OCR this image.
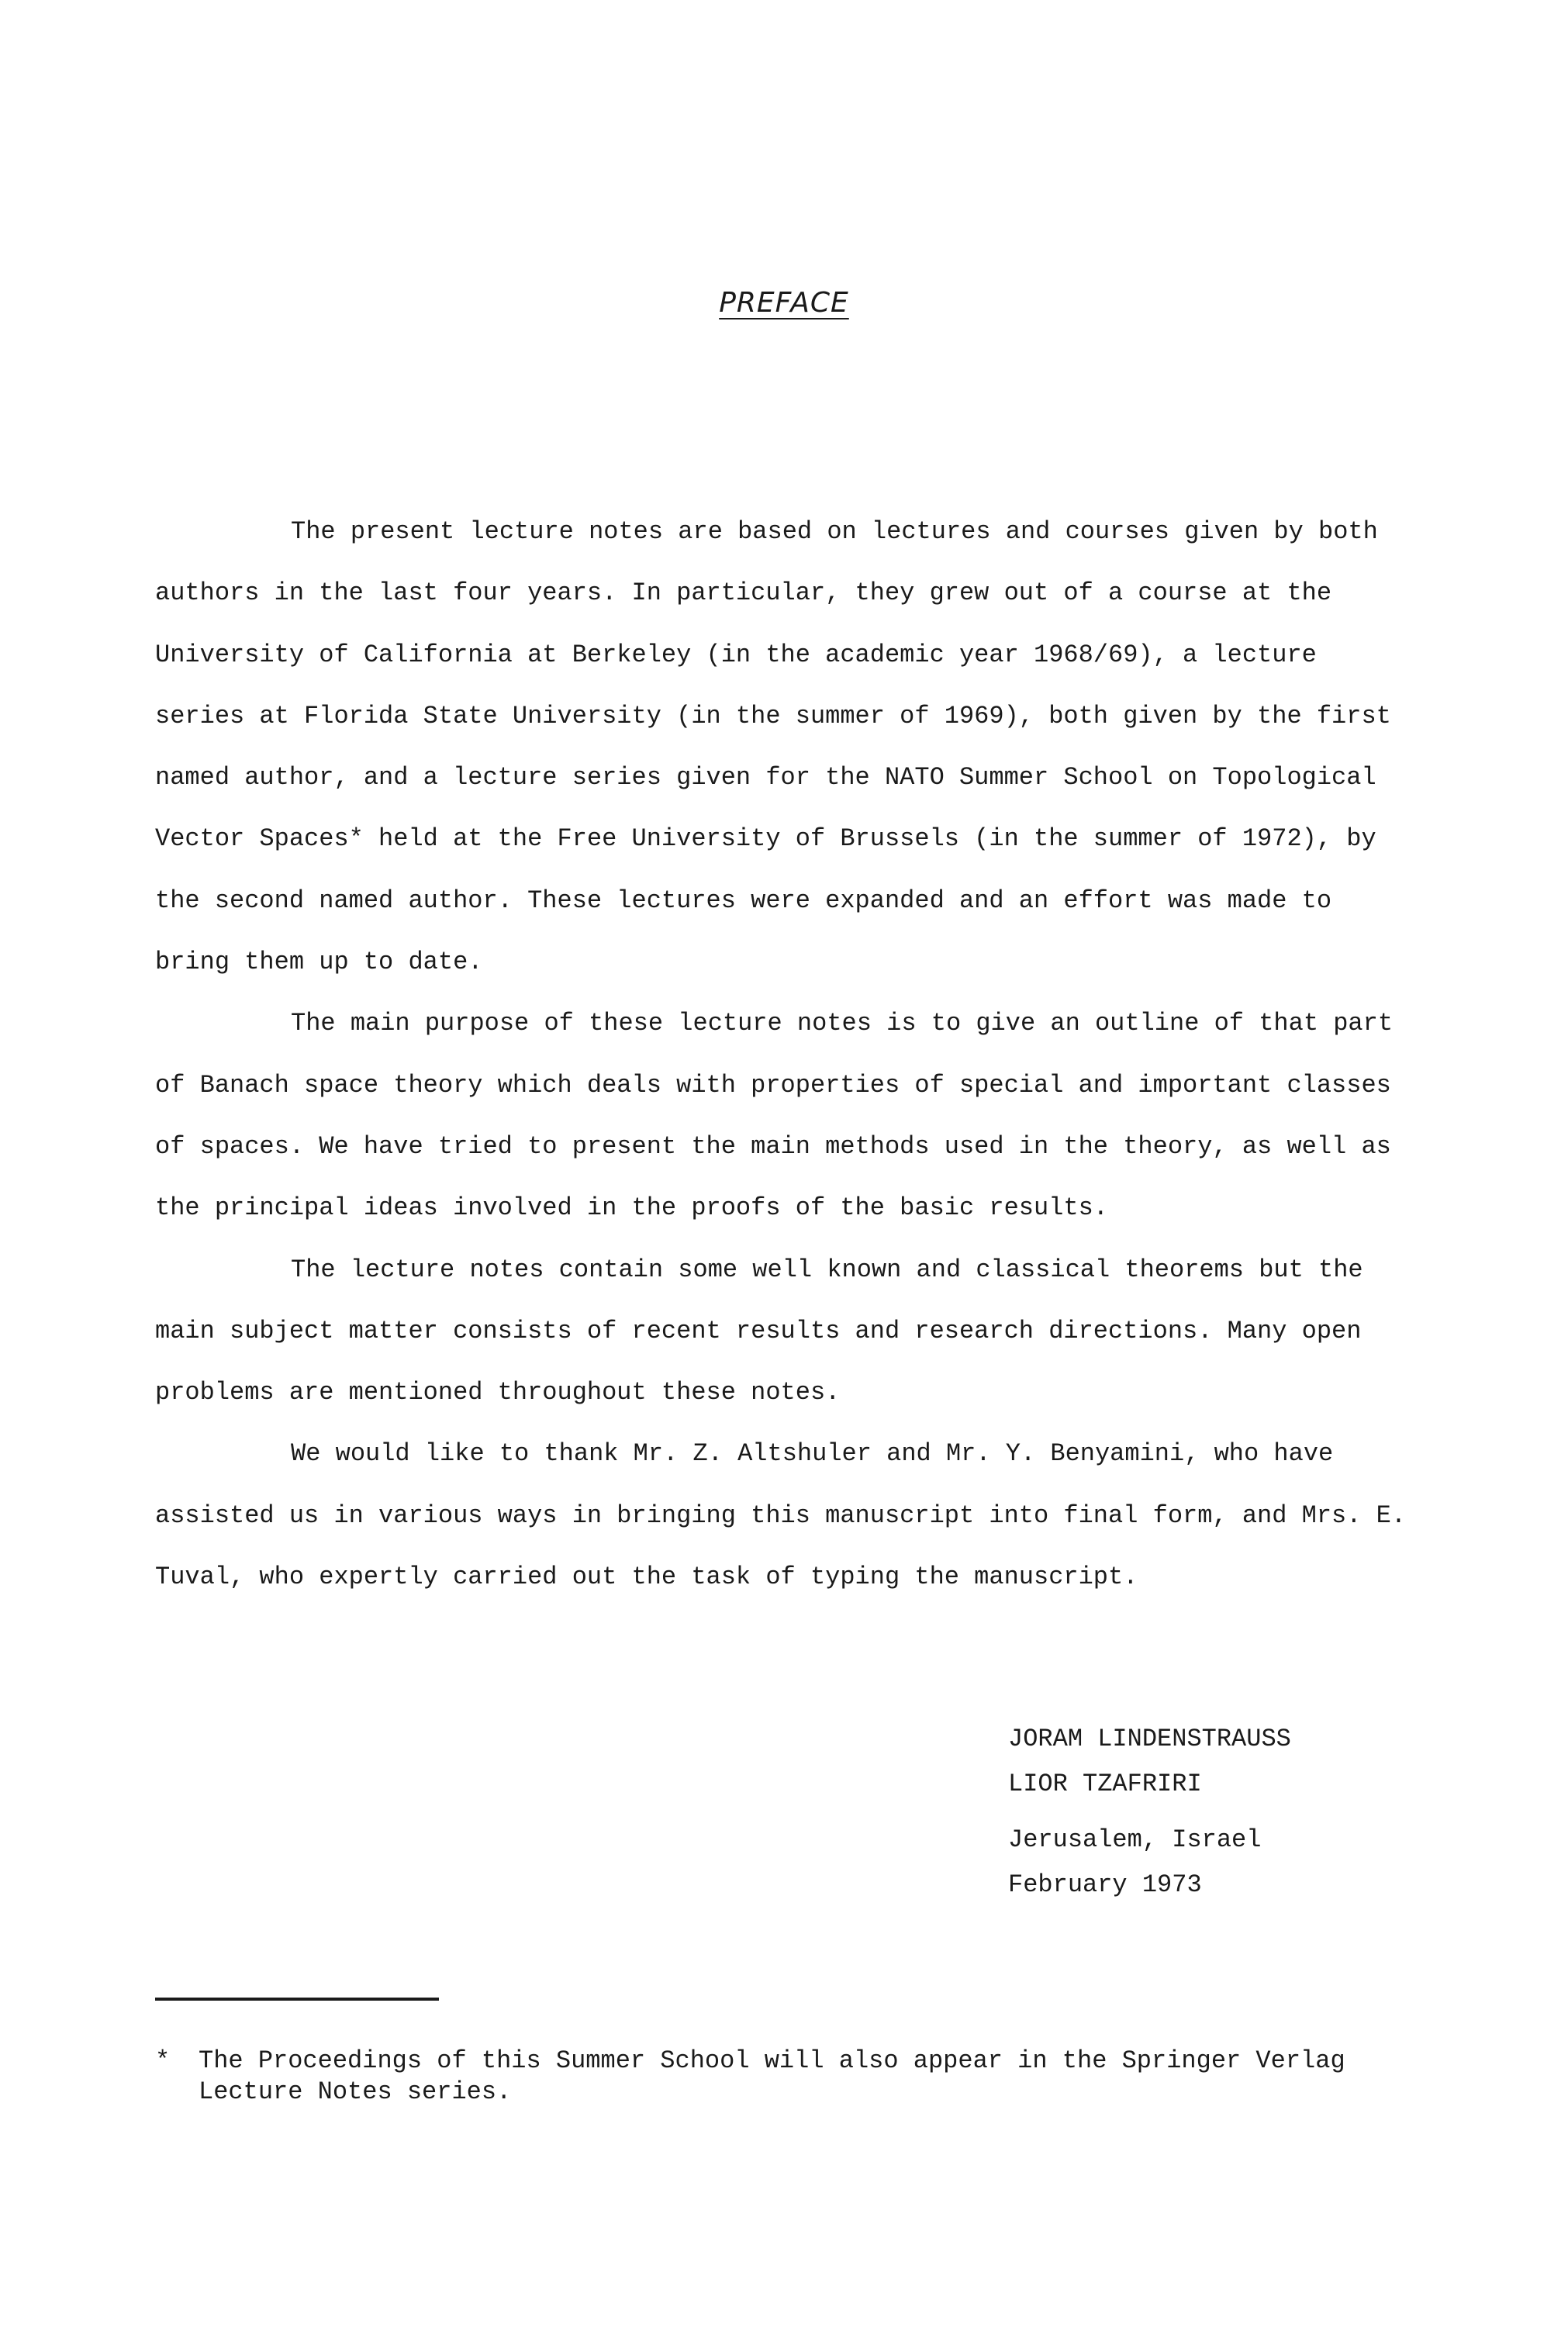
PREFACE

The present lecture notes are based on lectures and courses given by both authors in the last four years. In particular, they grew out of a course at the University of California at Berkeley (in the academic year 1968/69), a lecture series at Florida State University (in the summer of 1969), both given by the first named author, and a lecture series given for the NATO Summer School on Topological Vector Spaces* held at the Free University of Brussels (in the summer of 1972), by the second named author. These lectures were expanded and an effort was made to bring them up to date.

The main purpose of these lecture notes is to give an outline of that part of Banach space theory which deals with properties of special and important classes of spaces. We have tried to present the main methods used in the theory, as well as the principal ideas involved in the proofs of the basic results.

The lecture notes contain some well known and classical theorems but the main subject matter consists of recent results and research directions. Many open problems are mentioned throughout these notes.

We would like to thank Mr. Z. Altshuler and Mr. Y. Benyamini, who have assisted us in various ways in bringing this manuscript into final form, and Mrs. E. Tuval, who expertly carried out the task of typing the manuscript.

JORAM LINDENSTRAUSS
LIOR TZAFRIRI
Jerusalem, Israel
February 1973
*	The Proceedings of this Summer School will also appear in the Springer Verlag Lecture Notes series.
